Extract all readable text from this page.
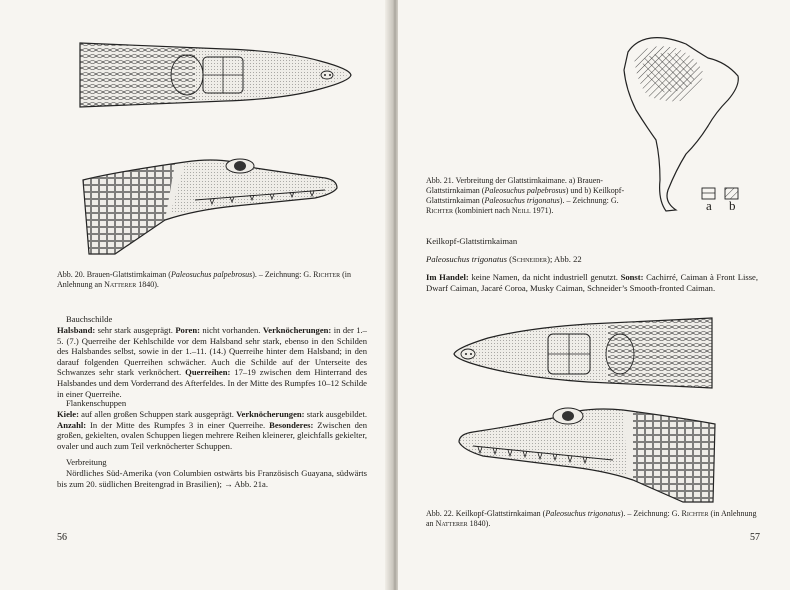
Abb. 20. Brauen-Glattstirnkaiman (Paleosuchus palpebrosus). – Zeichnung: G. Richter (in Anlehnung an Natterer 1840).
Bauchschilde
Halsband: sehr stark ausgeprägt. Poren: nicht vorhanden. Verknöcherungen: in der 1.–5. (7.) Querreihe der Kehlschilde vor dem Halsband sehr stark, ebenso in den Schilden des Halsbandes selbst, sowie in der 1.–11. (14.) Querreihe hinter dem Halsband; in den darauf folgenden Querreihen schwächer. Auch die Schilde auf der Unterseite des Schwanzes sehr stark verknöchert. Querreihen: 17–19 zwischen dem Hinterrand des Halsbandes und dem Vorderrand des Afterfeldes. In der Mitte des Rumpfes 10–12 Schilde in einer Querreihe.
Flankenschuppen
Kiele: auf allen großen Schuppen stark ausgeprägt. Verknöcherungen: stark ausgebildet. Anzahl: In der Mitte des Rumpfes 3 in einer Querreihe. Besonderes: Zwischen den großen, gekielten, ovalen Schuppen liegen mehrere Reihen kleinerer, gleichfalls gekielter, ovaler und auch zum Teil verknöcherter Schuppen.
Verbreitung
Nördliches Süd-Amerika (von Columbien ostwärts bis Französisch Guayana, südwärts bis zum 20. südlichen Breitengrad in Brasilien); → Abb. 21a.
56
a b
Abb. 21. Verbreitung der Glattstirnkaimane. a) Brauen-Glattstirnkaiman (Paleosuchus palpebrosus) und b) Keilkopf-Glattstirnkaiman (Paleosuchus trigonatus). – Zeichnung: G. Richter (kombiniert nach Neill 1971).
Keilkopf-Glattstirnkaiman
Paleosuchus trigonatus (Schneider); Abb. 22
Im Handel: keine Namen, da nicht industriell genutzt. Sonst: Cachirré, Caiman à Front Lisse, Dwarf Caiman, Jacaré Coroa, Musky Caiman, Schneider’s Smooth-fronted Caiman.
Abb. 22. Keilkopf-Glattstirnkaiman (Paleosuchus trigonatus). – Zeichnung: G. Richter (in Anlehnung an Natterer 1840).
57
